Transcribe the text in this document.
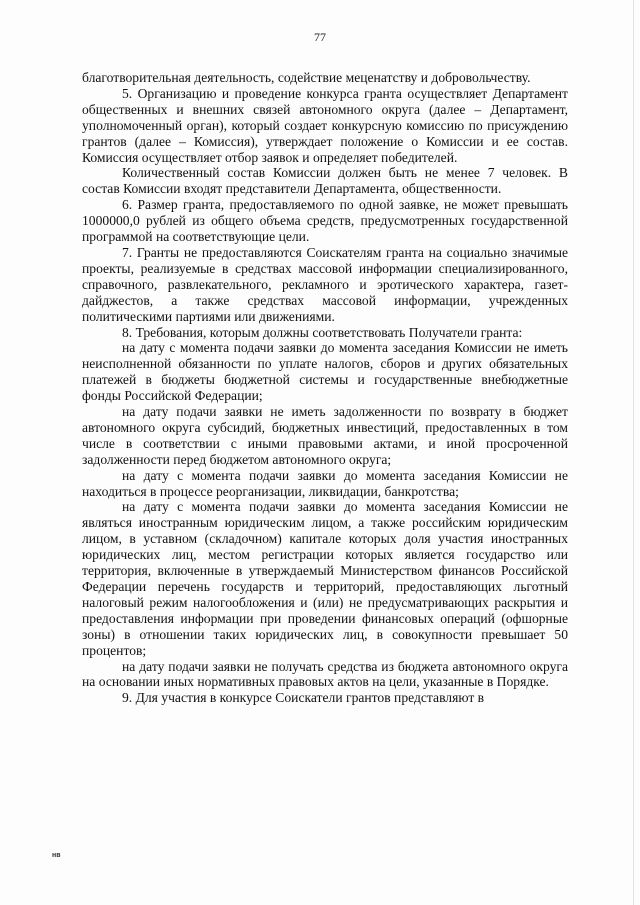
77

благотворительная деятельность, содействие меценатству и добровольчеству.

5. Организацию и проведение конкурса гранта осуществляет Департамент общественных и внешних связей автономного округа (далее – Департамент, уполномоченный орган), который создает конкурсную комиссию по присуждению грантов (далее – Комиссия), утверждает положение о Комиссии и ее состав. Комиссия осуществляет отбор заявок и определяет победителей.

Количественный состав Комиссии должен быть не менее 7 человек. В состав Комиссии входят представители Департамента, общественности.

6. Размер гранта, предоставляемого по одной заявке, не может превышать 1000000,0 рублей из общего объема средств, предусмотренных государственной программой на соответствующие цели.

7. Гранты не предоставляются Соискателям гранта на социально значимые проекты, реализуемые в средствах массовой информации специализированного, справочного, развлекательного, рекламного и эротического характера, газет-дайджестов, а также средствах массовой информации, учрежденных политическими партиями или движениями.

8. Требования, которым должны соответствовать Получатели гранта:

на дату с момента подачи заявки до момента заседания Комиссии не иметь неисполненной обязанности по уплате налогов, сборов и других обязательных платежей в бюджеты бюджетной системы и государственные внебюджетные фонды Российской Федерации;

на дату подачи заявки не иметь задолженности по возврату в бюджет автономного округа субсидий, бюджетных инвестиций, предоставленных в том числе в соответствии с иными правовыми актами, и иной просроченной задолженности перед бюджетом автономного округа;

на дату с момента подачи заявки до момента заседания Комиссии не находиться в процессе реорганизации, ликвидации, банкротства;

на дату с момента подачи заявки до момента заседания Комиссии не являться иностранным юридическим лицом, а также российским юридическим лицом, в уставном (складочном) капитале которых доля участия иностранных юридических лиц, местом регистрации которых является государство или территория, включенные в утверждаемый Министерством финансов Российской Федерации перечень государств и территорий, предоставляющих льготный налоговый режим налогообложения и (или) не предусматривающих раскрытия и предоставления информации при проведении финансовых операций (офшорные зоны) в отношении таких юридических лиц, в совокупности превышает 50 процентов;

на дату подачи заявки не получать средства из бюджета автономного округа на основании иных нормативных правовых актов на цели, указанные в Порядке.

9. Для участия в конкурсе Соискатели грантов представляют в

нв
